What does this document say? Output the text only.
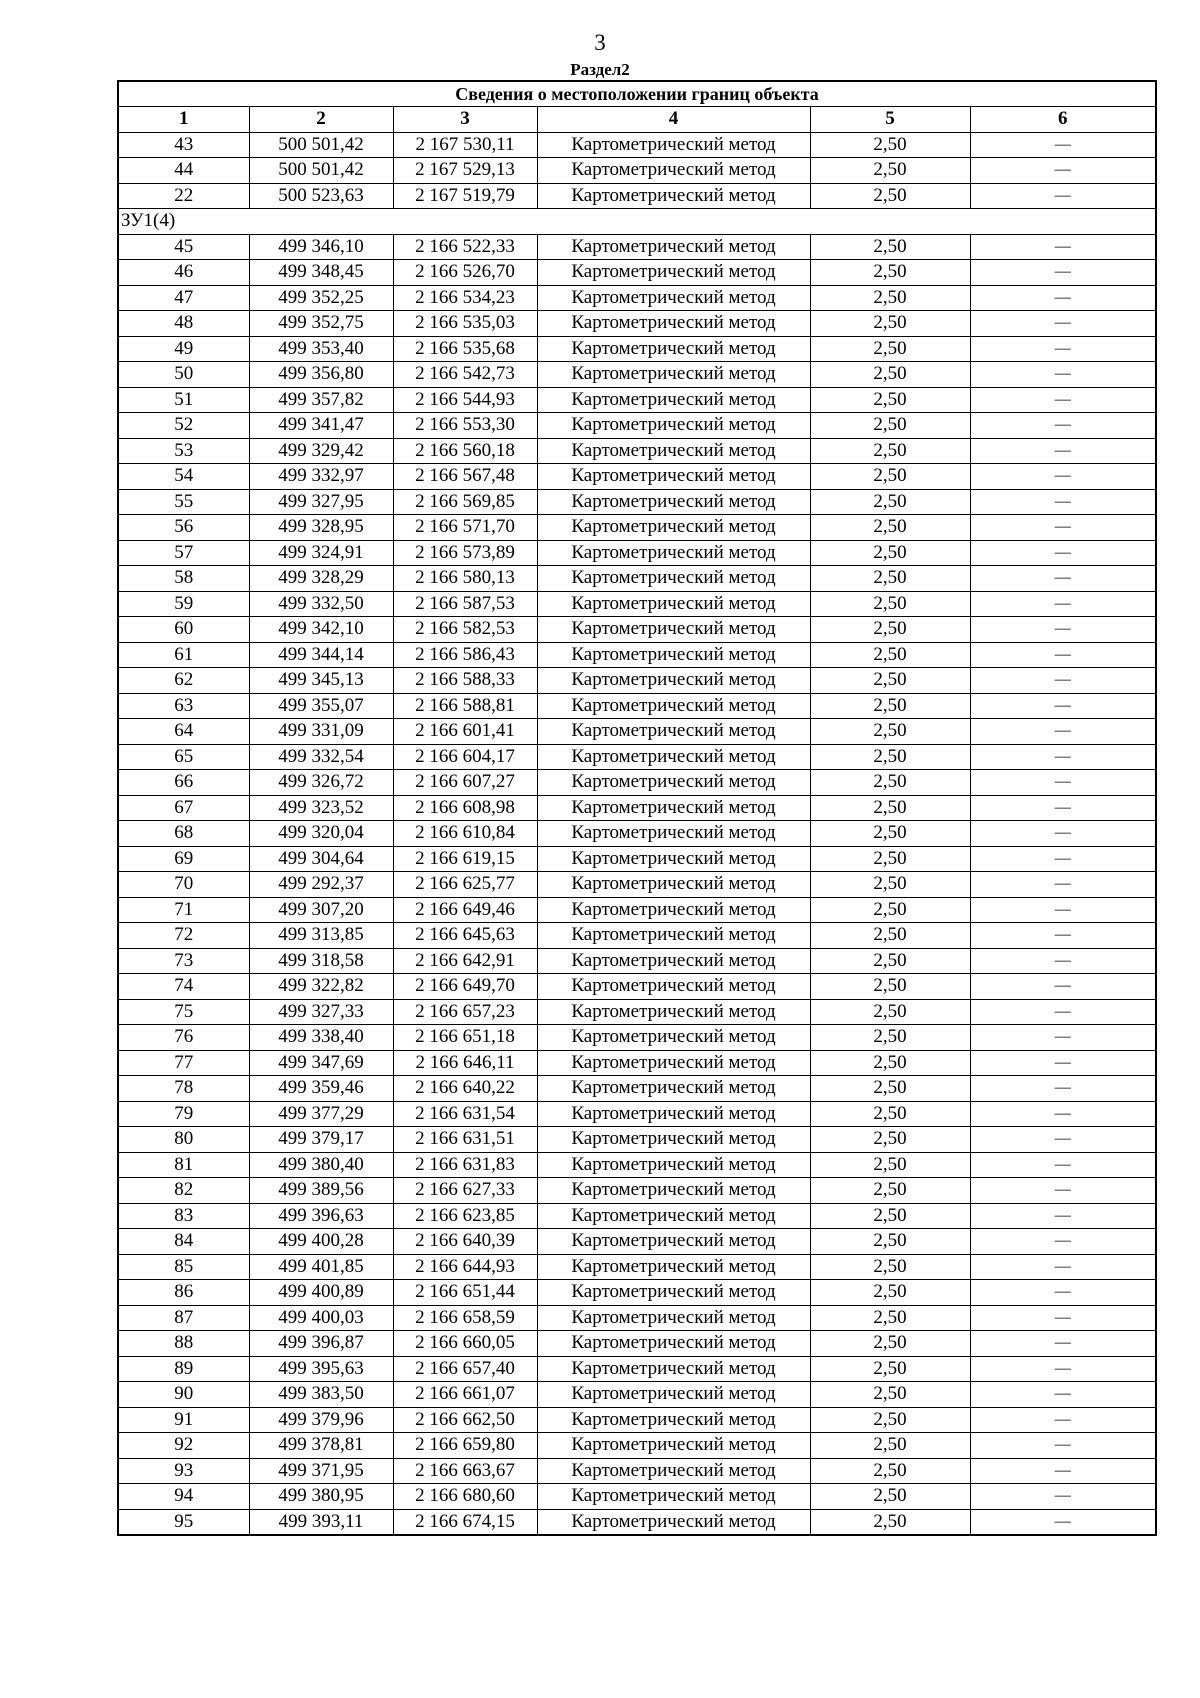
3
Раздел2
Сведения о местоположении границ объекта					
1	2	3	4	5	6
43	500 501,42	2 167 530,11	Картометрический метод	2,50	—
44	500 501,42	2 167 529,13	Картометрический метод	2,50	—
22	500 523,63	2 167 519,79	Картометрический метод	2,50	—
ЗУ1(4)					
45	499 346,10	2 166 522,33	Картометрический метод	2,50	—
46	499 348,45	2 166 526,70	Картометрический метод	2,50	—
47	499 352,25	2 166 534,23	Картометрический метод	2,50	—
48	499 352,75	2 166 535,03	Картометрический метод	2,50	—
49	499 353,40	2 166 535,68	Картометрический метод	2,50	—
50	499 356,80	2 166 542,73	Картометрический метод	2,50	—
51	499 357,82	2 166 544,93	Картометрический метод	2,50	—
52	499 341,47	2 166 553,30	Картометрический метод	2,50	—
53	499 329,42	2 166 560,18	Картометрический метод	2,50	—
54	499 332,97	2 166 567,48	Картометрический метод	2,50	—
55	499 327,95	2 166 569,85	Картометрический метод	2,50	—
56	499 328,95	2 166 571,70	Картометрический метод	2,50	—
57	499 324,91	2 166 573,89	Картометрический метод	2,50	—
58	499 328,29	2 166 580,13	Картометрический метод	2,50	—
59	499 332,50	2 166 587,53	Картометрический метод	2,50	—
60	499 342,10	2 166 582,53	Картометрический метод	2,50	—
61	499 344,14	2 166 586,43	Картометрический метод	2,50	—
62	499 345,13	2 166 588,33	Картометрический метод	2,50	—
63	499 355,07	2 166 588,81	Картометрический метод	2,50	—
64	499 331,09	2 166 601,41	Картометрический метод	2,50	—
65	499 332,54	2 166 604,17	Картометрический метод	2,50	—
66	499 326,72	2 166 607,27	Картометрический метод	2,50	—
67	499 323,52	2 166 608,98	Картометрический метод	2,50	—
68	499 320,04	2 166 610,84	Картометрический метод	2,50	—
69	499 304,64	2 166 619,15	Картометрический метод	2,50	—
70	499 292,37	2 166 625,77	Картометрический метод	2,50	—
71	499 307,20	2 166 649,46	Картометрический метод	2,50	—
72	499 313,85	2 166 645,63	Картометрический метод	2,50	—
73	499 318,58	2 166 642,91	Картометрический метод	2,50	—
74	499 322,82	2 166 649,70	Картометрический метод	2,50	—
75	499 327,33	2 166 657,23	Картометрический метод	2,50	—
76	499 338,40	2 166 651,18	Картометрический метод	2,50	—
77	499 347,69	2 166 646,11	Картометрический метод	2,50	—
78	499 359,46	2 166 640,22	Картометрический метод	2,50	—
79	499 377,29	2 166 631,54	Картометрический метод	2,50	—
80	499 379,17	2 166 631,51	Картометрический метод	2,50	—
81	499 380,40	2 166 631,83	Картометрический метод	2,50	—
82	499 389,56	2 166 627,33	Картометрический метод	2,50	—
83	499 396,63	2 166 623,85	Картометрический метод	2,50	—
84	499 400,28	2 166 640,39	Картометрический метод	2,50	—
85	499 401,85	2 166 644,93	Картометрический метод	2,50	—
86	499 400,89	2 166 651,44	Картометрический метод	2,50	—
87	499 400,03	2 166 658,59	Картометрический метод	2,50	—
88	499 396,87	2 166 660,05	Картометрический метод	2,50	—
89	499 395,63	2 166 657,40	Картометрический метод	2,50	—
90	499 383,50	2 166 661,07	Картометрический метод	2,50	—
91	499 379,96	2 166 662,50	Картометрический метод	2,50	—
92	499 378,81	2 166 659,80	Картометрический метод	2,50	—
93	499 371,95	2 166 663,67	Картометрический метод	2,50	—
94	499 380,95	2 166 680,60	Картометрический метод	2,50	—
95	499 393,11	2 166 674,15	Картометрический метод	2,50	—
